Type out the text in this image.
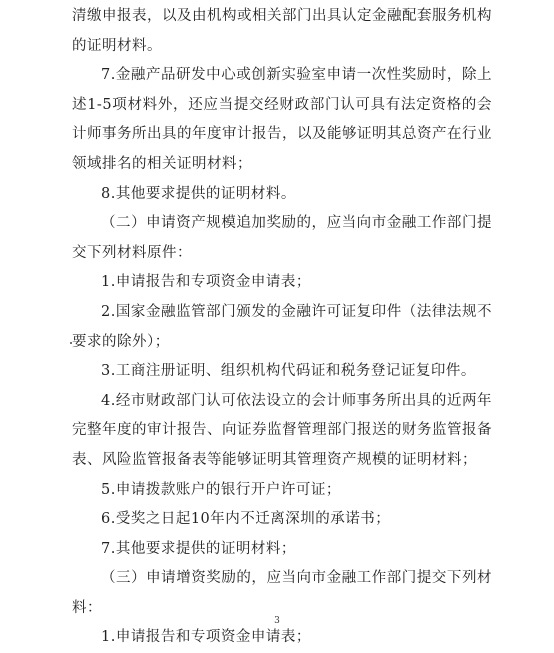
清缴申报表，以及由机构或相关部门出具认定金融配套服务机构的证明材料。

7.金融产品研发中心或创新实验室申请一次性奖励时，除上述1-5项材料外，还应当提交经财政部门认可具有法定资格的会计师事务所出具的年度审计报告，以及能够证明其总资产在行业领域排名的相关证明材料；

8.其他要求提供的证明材料。

（二）申请资产规模追加奖励的，应当向市金融工作部门提交下列材料原件：

1.申请报告和专项资金申请表；

2.国家金融监管部门颁发的金融许可证复印件（法律法规不要求的除外）；

3.工商注册证明、组织机构代码证和税务登记证复印件。

4.经市财政部门认可依法设立的会计师事务所出具的近两年完整年度的审计报告、向证券监督管理部门报送的财务监管报备表、风险监管报备表等能够证明其管理资产规模的证明材料；

5.申请拨款账户的银行开户许可证；

6.受奖之日起10年内不迁离深圳的承诺书；

7.其他要求提供的证明材料；

（三）申请增资奖励的，应当向市金融工作部门提交下列材料：

1.申请报告和专项资金申请表；

3
